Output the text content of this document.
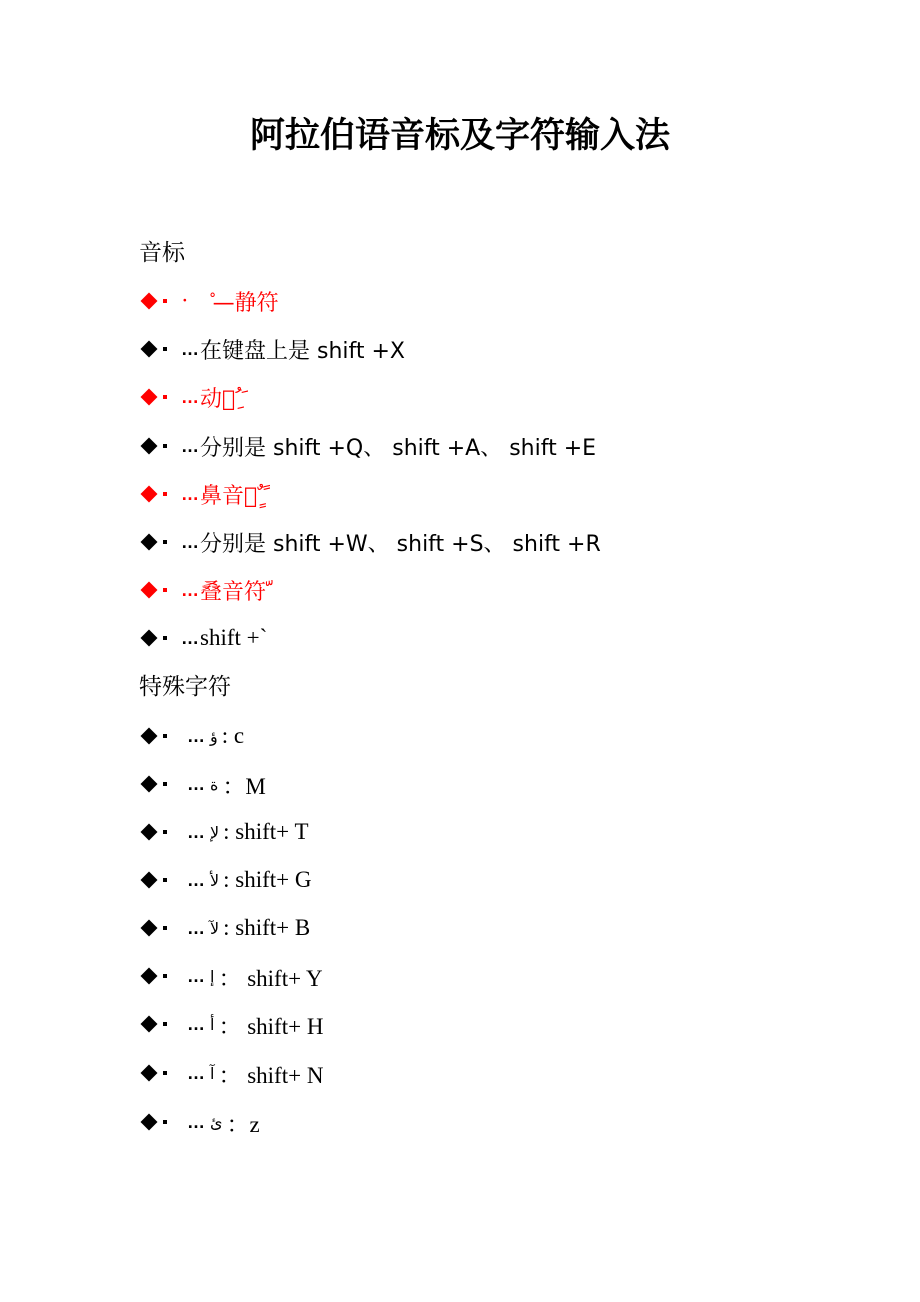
阿拉伯语音标及字符输入法
音标
· —静符
… 在键盘上是 shift +X
… 动符ِ ُ َ
… 分别是 shift +Q、 shift +A、 shift +E
… 鼻音符ٍ ٌ ً
… 分别是 shift +W、 shift +S、 shift +R
… 叠音符 ّ
… shift +`
特殊字符
… ؤ : c
… ة ：M
… لإ : shift+ T
… لأ : shift+ G
… لآ : shift+ B
… إ ： shift+ Y
… أ ： shift+ H
… آ ： shift+ N
… ئ ：z
